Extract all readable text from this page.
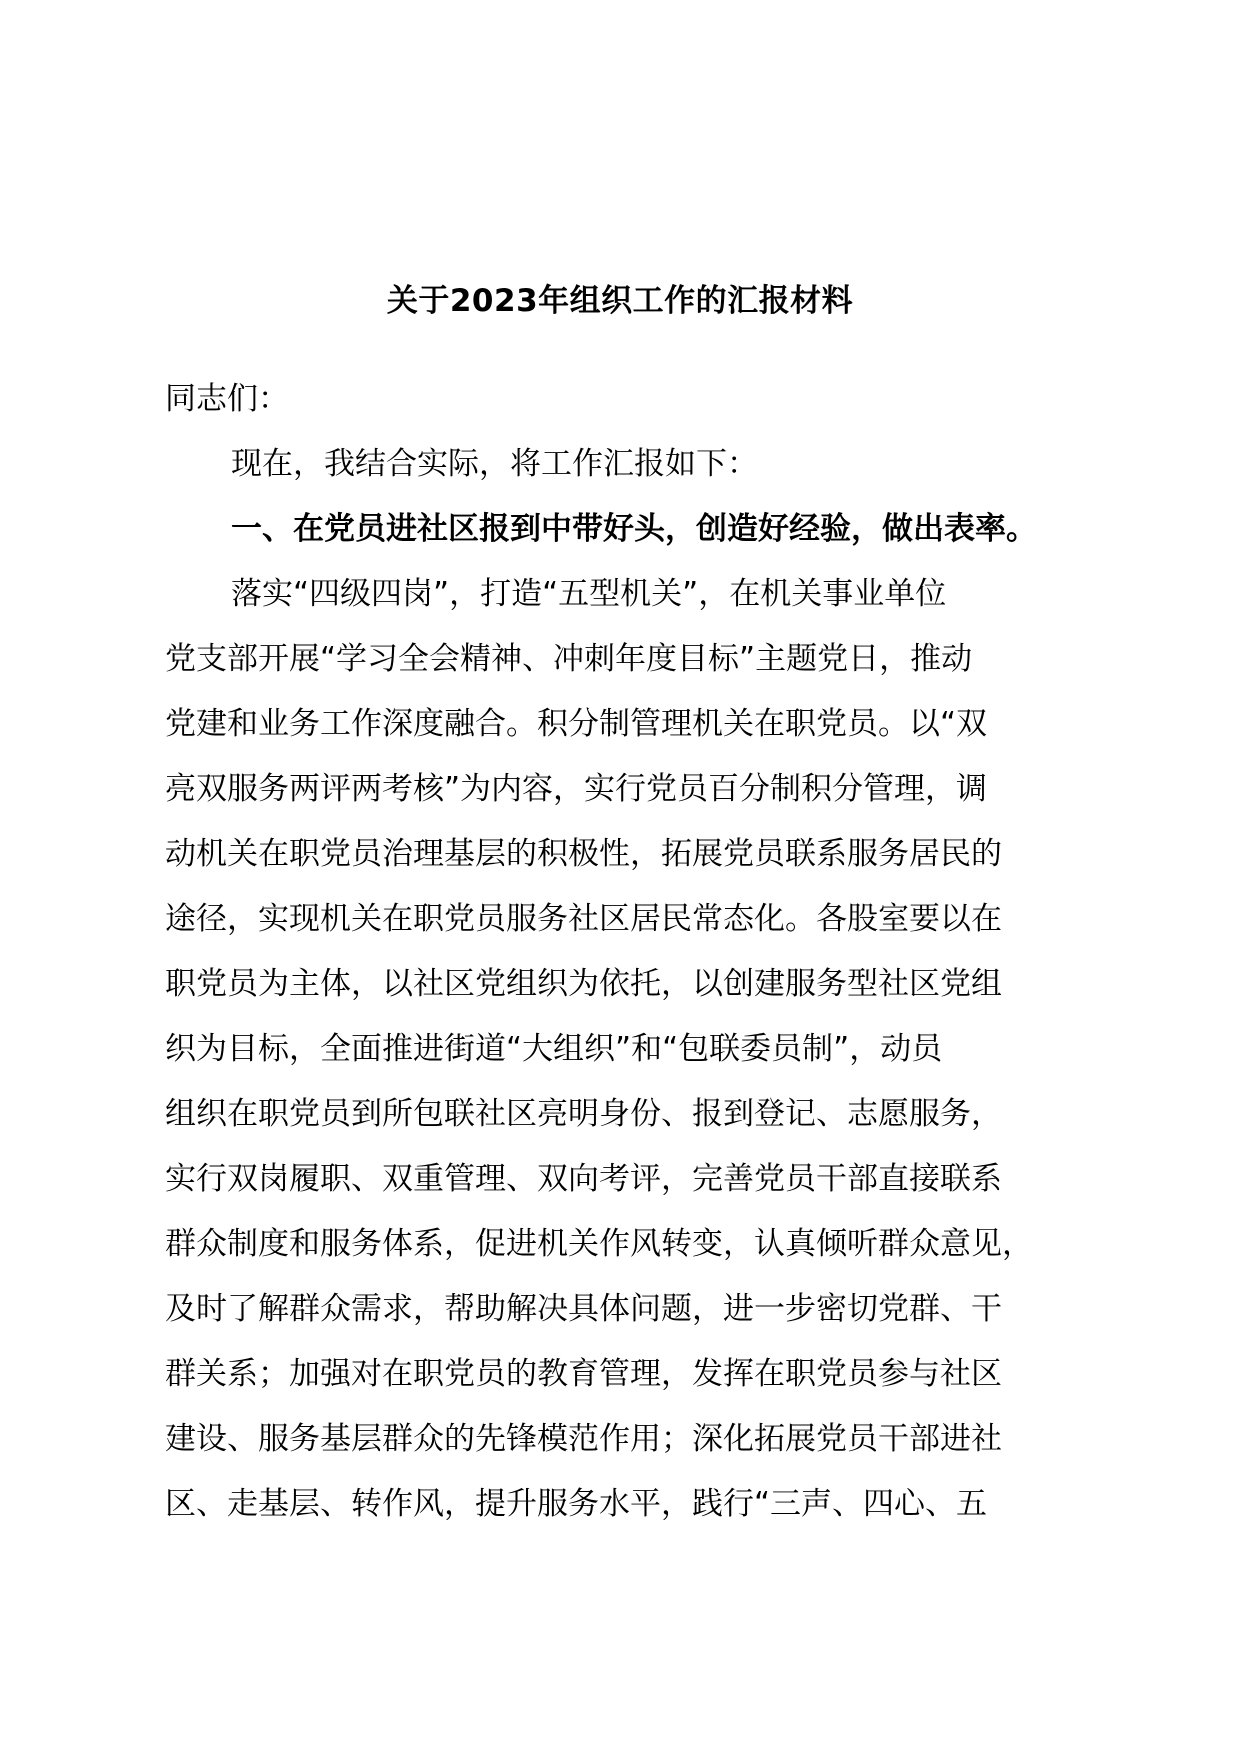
关于2023年组织工作的汇报材料
同志们：
现在，我结合实际，将工作汇报如下：
一、在党员进社区报到中带好头，创造好经验，做出表率。
落实“四级四岗”，打造“五型机关”，在机关事业单位
党支部开展“学习全会精神、冲刺年度目标”主题党日，推动
党建和业务工作深度融合。积分制管理机关在职党员。以“双
亮双服务两评两考核”为内容，实行党员百分制积分管理，调
动机关在职党员治理基层的积极性，拓展党员联系服务居民的
途径，实现机关在职党员服务社区居民常态化。各股室要以在
职党员为主体，以社区党组织为依托，以创建服务型社区党组
织为目标，全面推进街道“大组织”和“包联委员制”，动员
组织在职党员到所包联社区亮明身份、报到登记、志愿服务，
实行双岗履职、双重管理、双向考评，完善党员干部直接联系
群众制度和服务体系，促进机关作风转变，认真倾听群众意见，
及时了解群众需求，帮助解决具体问题，进一步密切党群、干
群关系；加强对在职党员的教育管理，发挥在职党员参与社区
建设、服务基层群众的先锋模范作用；深化拓展党员干部进社
区、走基层、转作风，提升服务水平，践行“三声、四心、五
